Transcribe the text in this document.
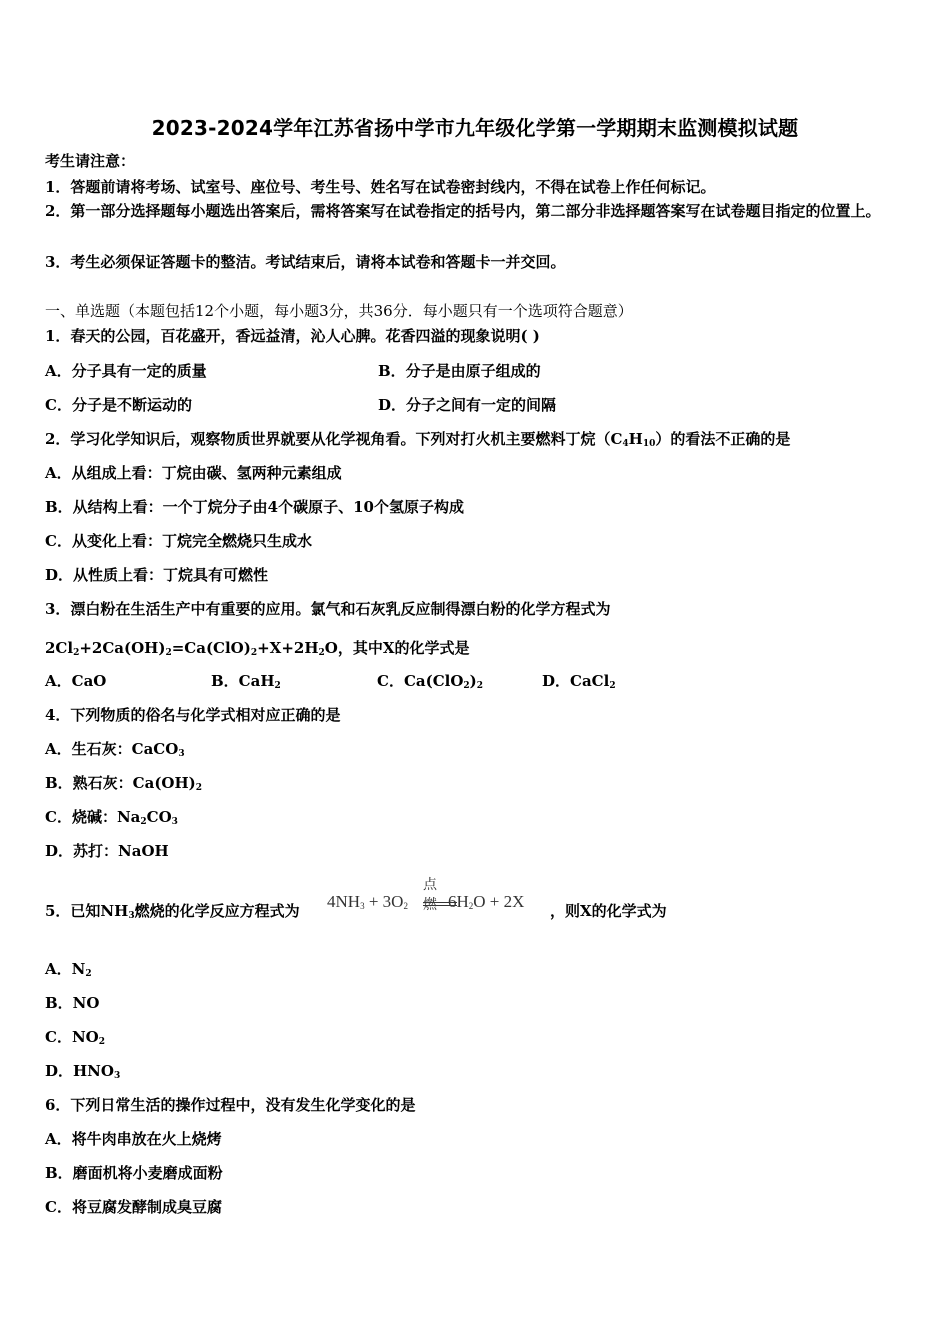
2023-2024学年江苏省扬中学市九年级化学第一学期期末监测模拟试题
考生请注意：
1．答题前请将考场、试室号、座位号、考生号、姓名写在试卷密封线内，不得在试卷上作任何标记。
2．第一部分选择题每小题选出答案后，需将答案写在试卷指定的括号内，第二部分非选择题答案写在试卷题目指定的位置上。
3．考生必须保证答题卡的整洁。考试结束后，请将本试卷和答题卡一并交回。
一、单选题（本题包括12个小题，每小题3分，共36分．每小题只有一个选项符合题意）
1．春天的公园，百花盛开，香远益清，沁人心脾。花香四溢的现象说明( )
A．分子具有一定的质量	B．分子是由原子组成的
C．分子是不断运动的	D．分子之间有一定的间隔
2．学习化学知识后，观察物质世界就要从化学视角看。下列对打火机主要燃料丁烷$(C_4H_{10})$的看法不正确的是
A．从组成上看：丁烷由碳、氢两种元素组成
B．从结构上看：一个丁烷分子由4个碳原子、10个氢原子构成
C．从变化上看：丁烷完全燃烧只生成水
D．从性质上看：丁烷具有可燃性
3．漂白粉在生活生产中有重要的应用。氯气和石灰乳反应制得漂白粉的化学方程式为
$2Cl_2+2Ca(OH)_2=Ca(ClO)_2+X+2H_2O$，其中X的化学式是
A．CaO	B．CaH$_2$	C．$Ca(ClO_2)_2$	D．CaCl$_2$
4．下列物质的俗名与化学式相对应正确的是
A．生石灰：CaCO$_3$
B．熟石灰：$Ca(OH)_2$
C．烧碱：$Na_2CO_3$
D．苏打：NaOH
5．已知$NH_3$燃烧的化学反应方程式为
点燃
$4NH_3 + 3O_2$ $6H_2O + 2X$ ，则X的化学式为
A．$N_2$
B．NO
C．$NO_2$
D．$HNO_3$
6．下列日常生活的操作过程中，没有发生化学变化的是
A．将牛肉串放在火上烧烤
B．磨面机将小麦磨成面粉
C．将豆腐发酵制成臭豆腐
